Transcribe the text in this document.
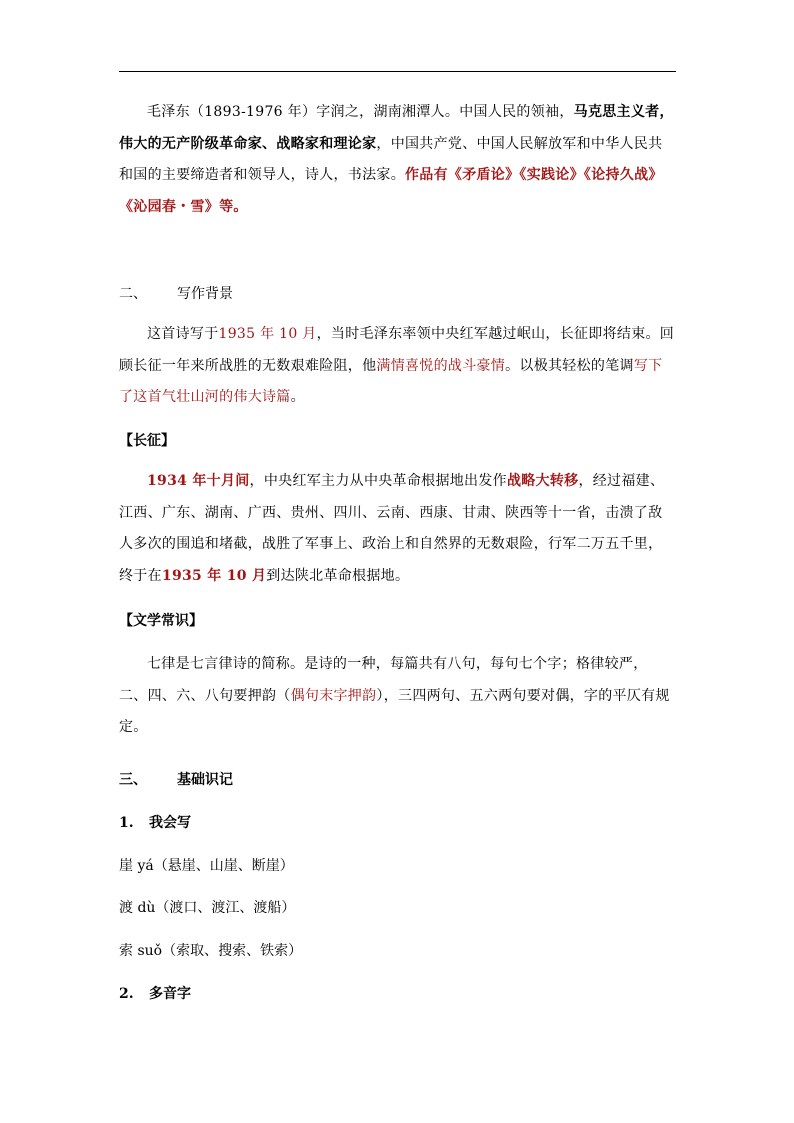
毛泽东（1893-1976 年）字润之，湖南湘潭人。中国人民的领袖，马克思主义者，伟大的无产阶级革命家、战略家和理论家，中国共产党、中国人民解放军和中华人民共和国的主要缔造者和领导人，诗人，书法家。作品有《矛盾论》《实践论》《论持久战》《沁园春・雪》等。

二、 写作背景

这首诗写于1935 年 10 月，当时毛泽东率领中央红军越过岷山，长征即将结束。回顾长征一年来所战胜的无数艰难险阻，他满情喜悦的战斗豪情。以极其轻松的笔调写下了这首气壮山河的伟大诗篇。

【长征】

1934 年十月间，中央红军主力从中央革命根据地出发作战略大转移，经过福建、江西、广东、湖南、广西、贵州、四川、云南、西康、甘肃、陕西等十一省，击溃了敌人多次的围追和堵截，战胜了军事上、政治上和自然界的无数艰险，行军二万五千里，终于在1935 年 10 月到达陕北革命根据地。

【文学常识】

七律是七言律诗的简称。是诗的一种，每篇共有八句，每句七个字；格律较严，二、四、六、八句要押韵（偶句末字押韵），三四两句、五六两句要对偶，字的平仄有规定。

三、 基础识记
1. 我会写
崖 yá（悬崖、山崖、断崖）
渡 dù（渡口、渡江、渡船）
索 suǒ（索取、搜索、铁索）
2. 多音字
